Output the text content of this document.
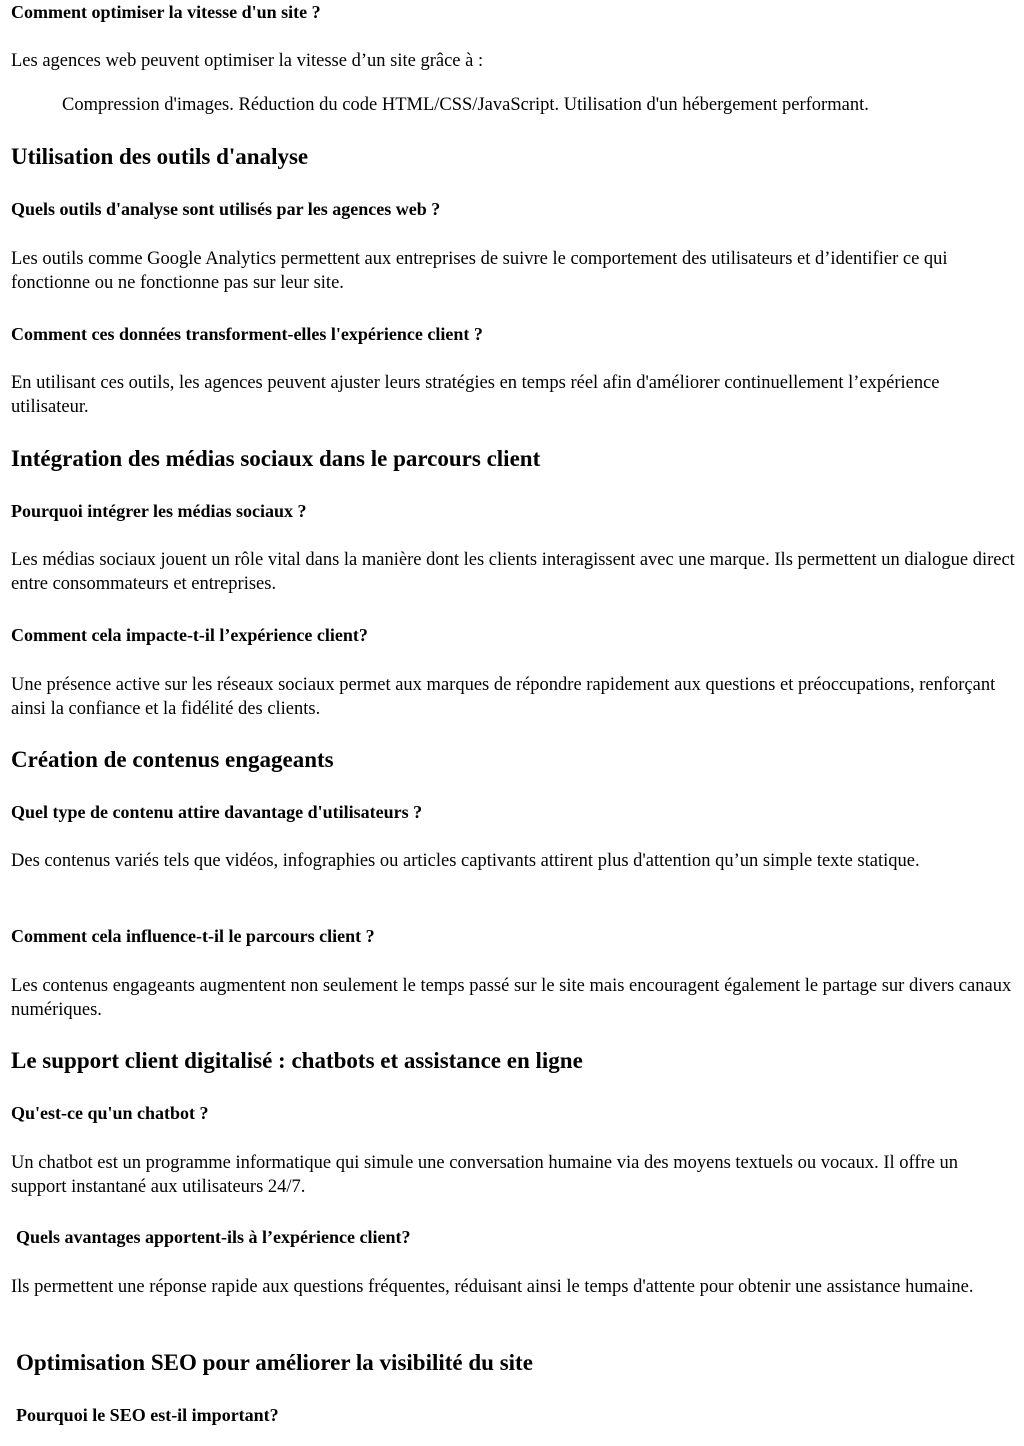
Comment optimiser la vitesse d'un site ?

Les agences web peuvent optimiser la vitesse d’un site grâce à :

Compression d'images. Réduction du code HTML/CSS/JavaScript. Utilisation d'un hébergement performant.

Utilisation des outils d'analyse
Quels outils d'analyse sont utilisés par les agences web ?

Les outils comme Google Analytics permettent aux entreprises de suivre le comportement des utilisateurs et d’identifier ce qui fonctionne ou ne fonctionne pas sur leur site.

Comment ces données transforment-elles l'expérience client ?

En utilisant ces outils, les agences peuvent ajuster leurs stratégies en temps réel afin d'améliorer continuellement l’expérience utilisateur.

Intégration des médias sociaux dans le parcours client
Pourquoi intégrer les médias sociaux ?

Les médias sociaux jouent un rôle vital dans la manière dont les clients interagissent avec une marque. Ils permettent un dialogue direct entre consommateurs et entreprises.

Comment cela impacte-t-il l’expérience client?

Une présence active sur les réseaux sociaux permet aux marques de répondre rapidement aux questions et préoccupations, renforçant ainsi la confiance et la fidélité des clients.

Création de contenus engageants
Quel type de contenu attire davantage d'utilisateurs ?

Des contenus variés tels que vidéos, infographies ou articles captivants attirent plus d'attention qu’un simple texte statique.

Comment cela influence-t-il le parcours client ?

Les contenus engageants augmentent non seulement le temps passé sur le site mais encouragent également le partage sur divers canaux numériques.

Le support client digitalisé : chatbots et assistance en ligne
Qu'est-ce qu'un chatbot ?

Un chatbot est un programme informatique qui simule une conversation humaine via des moyens textuels ou vocaux. Il offre un support instantané aux utilisateurs 24/7.

Quels avantages apportent-ils à l’expérience client?

Ils permettent une réponse rapide aux questions fréquentes, réduisant ainsi le temps d'attente pour obtenir une assistance humaine.

Optimisation SEO pour améliorer la visibilité du site
Pourquoi le SEO est-il important?
